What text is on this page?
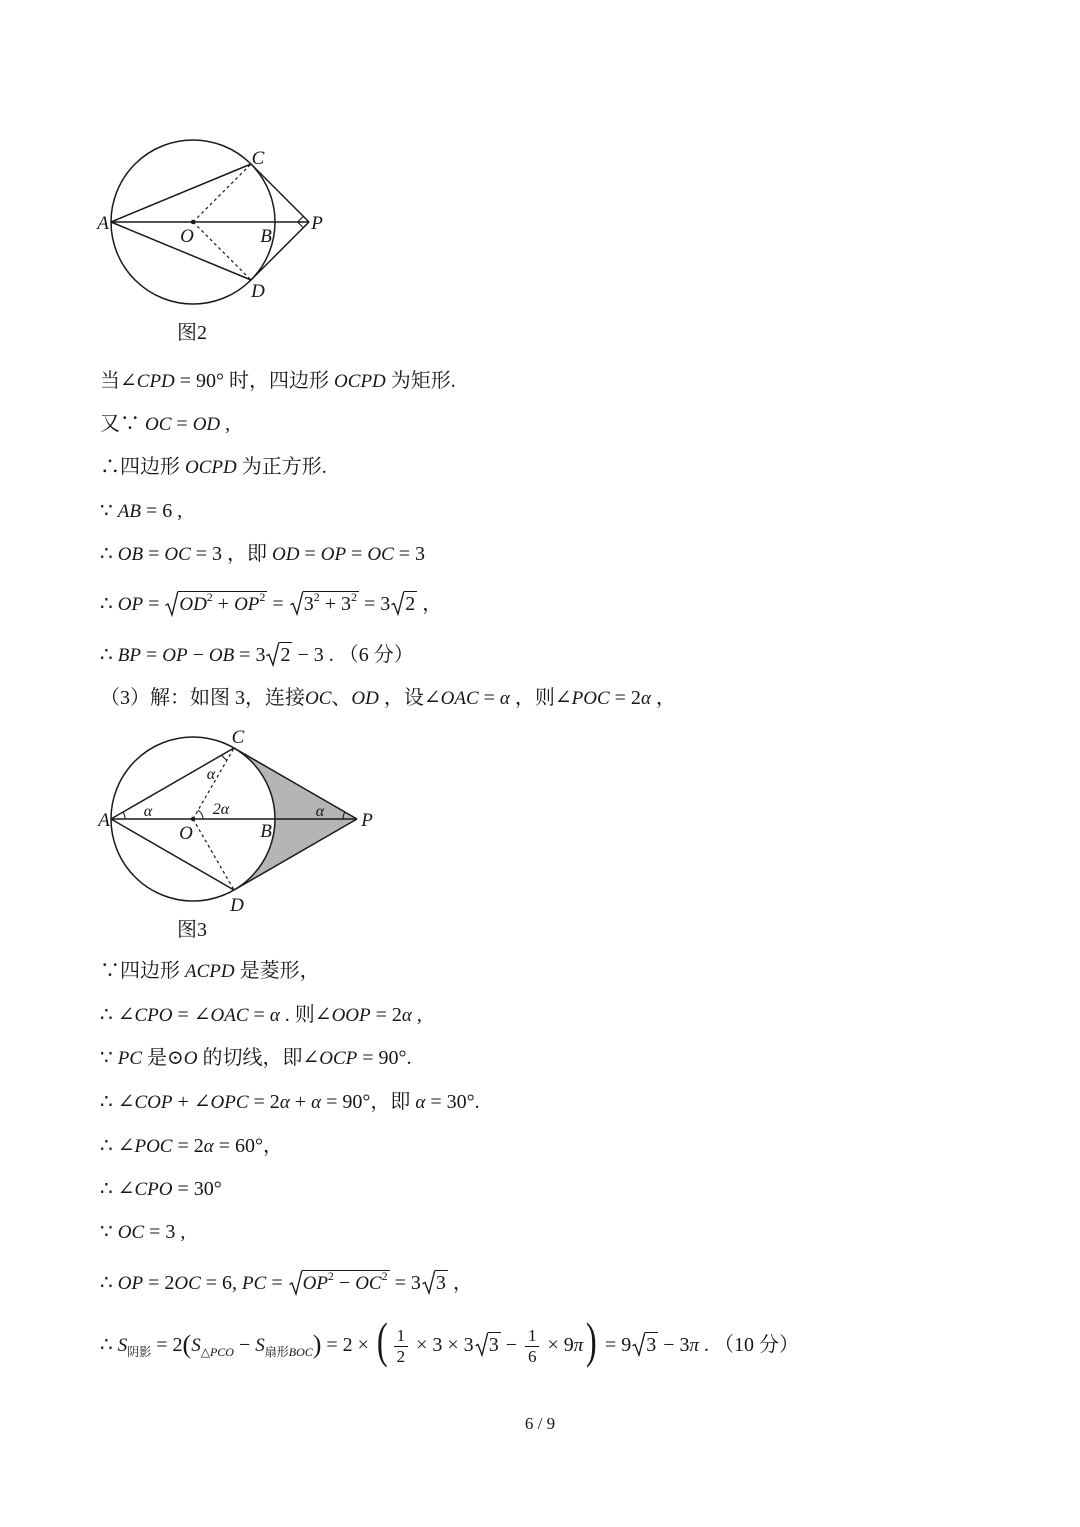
A
C
O	B
P
D
图2
当∠CPD = 90° 时，四边形 OCPD 为矩形.
又∵ OC = OD ,
∴四边形 OCPD 为正方形.
∵ AB = 6 ,
∴ OB = OC = 3 ，即 OD = OP = OC = 3
∴ OP = $OD^2 + OP^2 = 3^2 + 3^2 = 3$ 2 ，
∴ BP = OP − OB = 3 2 − 3 . （6 分）
（3）解：如图 3，连接OC、OD ，设∠OAC = α ，则∠POC = 2α ，
A
C
O	B
P
D
α
α
2α	α
图3
∵四边形 ACPD 是菱形，
∴ ∠CPO = ∠OAC = α . 则∠OOP = 2α ,
∵ PC 是⊙O 的切线，即∠OCP = 90°.
∴ ∠COP + ∠OPC = 2α + α = 90°，即 α = 30°.
∴ ∠POC = 2α = 60°，
∴ ∠CPO = 30°
∵ OC = 3 ,
∴ OP = 2OC = 6, PC = $OP^2 - OC^2 = 3$ 3 ，
∴ $S_{阴影} = 2(S_{\triangle PCO} - S_{扇形BOC}) = 2$ × ( $\frac{1}{2} \times 3 \times 3$ $3 - \frac{1}{6} \times 9\pi) = 9$ 3 − 3π . （10 分）
6 / 9
